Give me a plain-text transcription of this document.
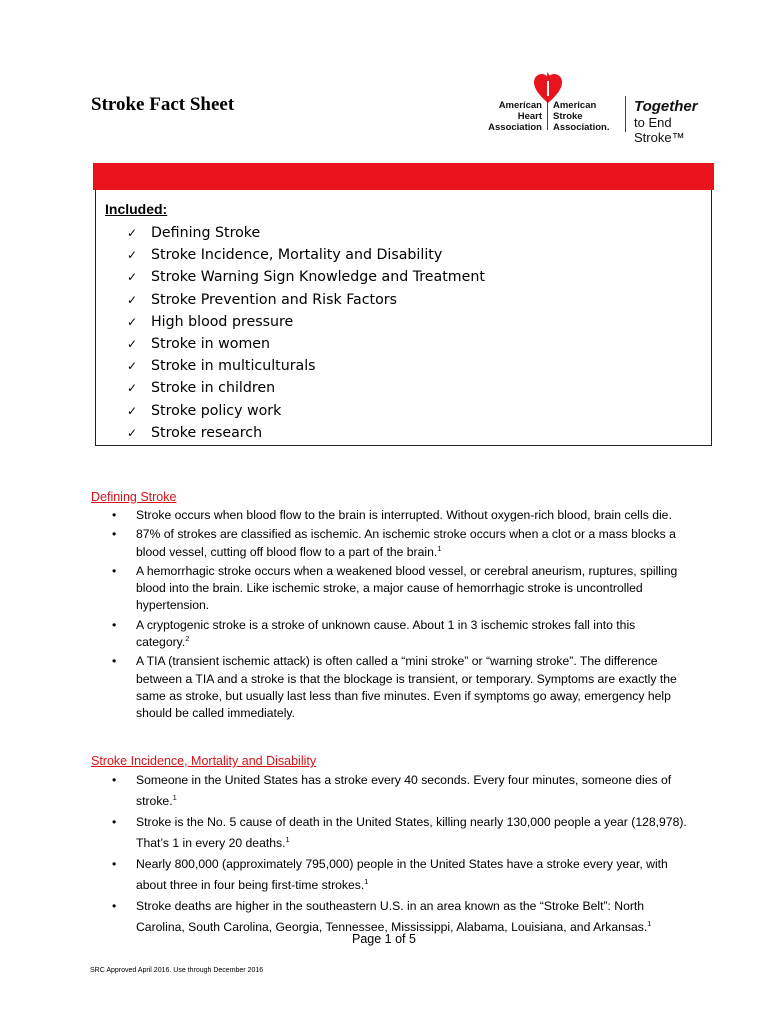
Stroke Fact Sheet	American
Heart
Association
American
Stroke
Association.
Together
to End Stroke™
Included:
✓ Defining Stroke
✓ Stroke Incidence, Mortality and Disability
✓ Stroke Warning Sign Knowledge and Treatment
✓ Stroke Prevention and Risk Factors
✓ High blood pressure
✓ Stroke in women
✓ Stroke in multiculturals
✓ Stroke in children
✓ Stroke policy work
✓ Stroke research
Defining Stroke
• Stroke occurs when blood flow to the brain is interrupted. Without oxygen-rich blood, brain cells die.
• 87% of strokes are classified as ischemic. An ischemic stroke occurs when a clot or a mass blocks a blood vessel, cutting off blood flow to a part of the brain.$^1$
• A hemorrhagic stroke occurs when a weakened blood vessel, or cerebral aneurism, ruptures, spilling blood into the brain. Like ischemic stroke, a major cause of hemorrhagic stroke is uncontrolled hypertension.
• A cryptogenic stroke is a stroke of unknown cause. About 1 in 3 ischemic strokes fall into this category.$^2$
• A TIA (transient ischemic attack) is often called a “mini stroke” or “warning stroke”. The difference between a TIA and a stroke is that the blockage is transient, or temporary. Symptoms are exactly the same as stroke, but usually last less than five minutes. Even if symptoms go away, emergency help should be called immediately.
Stroke Incidence, Mortality and Disability
• Someone in the United States has a stroke every 40 seconds. Every four minutes, someone dies of stroke.$^1$
• Stroke is the No. 5 cause of death in the United States, killing nearly 130,000 people a year (128,978). That’s 1 in every 20 deaths.$^1$
• Nearly 800,000 (approximately 795,000) people in the United States have a stroke every year, with about three in four being first-time strokes.$^1$
• Stroke deaths are higher in the southeastern U.S. in an area known as the “Stroke Belt”: North Carolina, South Carolina, Georgia, Tennessee, Mississippi, Alabama, Louisiana, and Arkansas.$^1$
Page 1 of 5
SRC Approved April 2016. Use through December 2016
